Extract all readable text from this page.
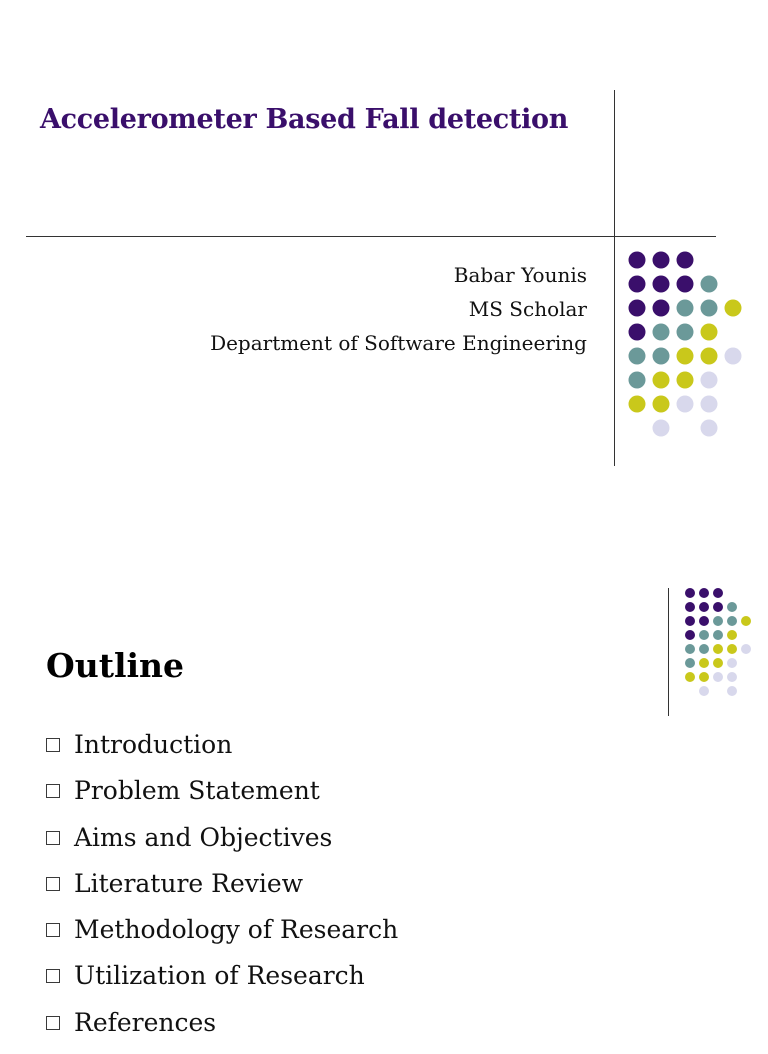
Accelerometer Based Fall detection
Babar Younis
MS Scholar
Department of Software Engineering
Outline
Introduction
Problem Statement
Aims and Objectives
Literature Review
Methodology of Research
Utilization of Research
References
